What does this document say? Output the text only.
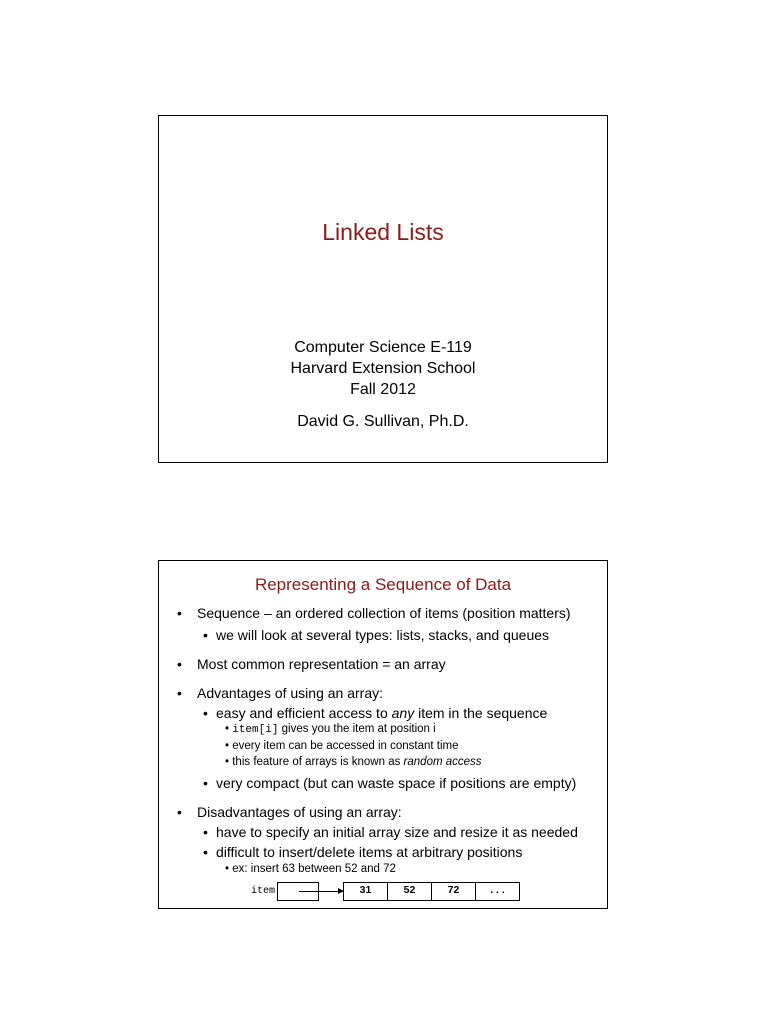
Linked Lists
Computer Science E-119
Harvard Extension School
Fall 2012
David G. Sullivan, Ph.D.
Representing a Sequence of Data
• Sequence – an ordered collection of items (position matters)
• we will look at several types: lists, stacks, and queues
• Most common representation = an array
• Advantages of using an array:
• easy and efficient access to any item in the sequence
• item[i] gives you the item at position i
• every item can be accessed in constant time
• this feature of arrays is known as random access
• very compact (but can waste space if positions are empty)
• Disadvantages of using an array:
• have to specify an initial array size and resize it as needed
• difficult to insert/delete items at arbitrary positions
• ex: insert 63 between 52 and 72
item	31	52	72	. . .
